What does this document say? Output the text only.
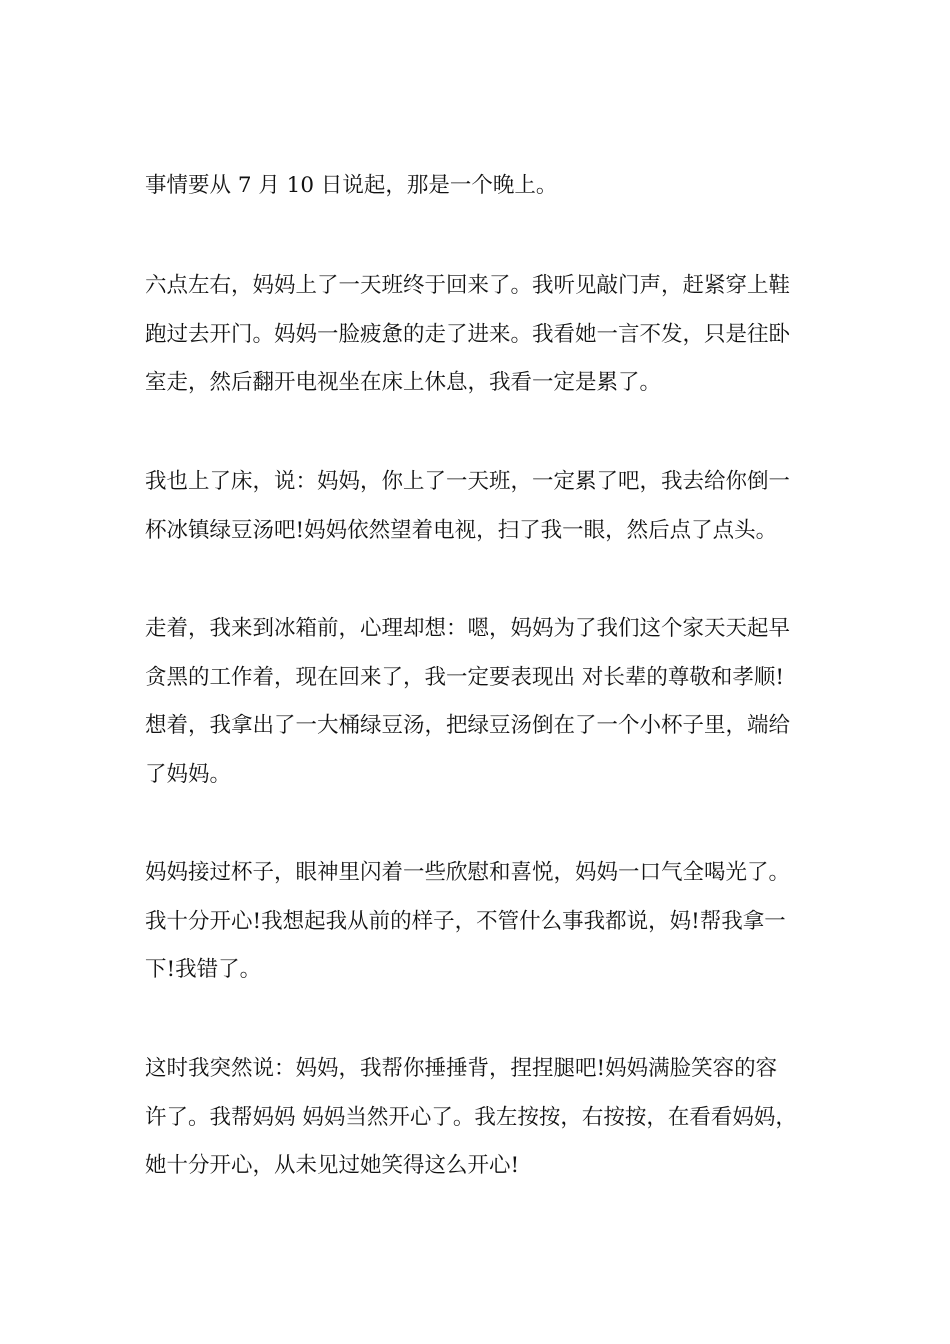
事情要从 7 月 10 日说起，那是一个晚上。

六点左右，妈妈上了一天班终于回来了。我听见敲门声，赶紧穿上鞋
跑过去开门。妈妈一脸疲惫的走了进来。我看她一言不发，只是往卧
室走，然后翻开电视坐在床上休息，我看一定是累了。

我也上了床，说：妈妈，你上了一天班，一定累了吧，我去给你倒一
杯冰镇绿豆汤吧!妈妈依然望着电视，扫了我一眼，然后点了点头。

走着，我来到冰箱前，心理却想：嗯，妈妈为了我们这个家天天起早
贪黑的工作着，现在回来了，我一定要表现出 对长辈的尊敬和孝顺!
想着，我拿出了一大桶绿豆汤，把绿豆汤倒在了一个小杯子里，端给
了妈妈。

妈妈接过杯子，眼神里闪着一些欣慰和喜悦，妈妈一口气全喝光了。
我十分开心!我想起我从前的样子，不管什么事我都说，妈!帮我拿一
下!我错了。

这时我突然说：妈妈，我帮你捶捶背，捏捏腿吧!妈妈满脸笑容的容
许了。我帮妈妈 妈妈当然开心了。我左按按，右按按，在看看妈妈，
她十分开心，从未见过她笑得这么开心!
